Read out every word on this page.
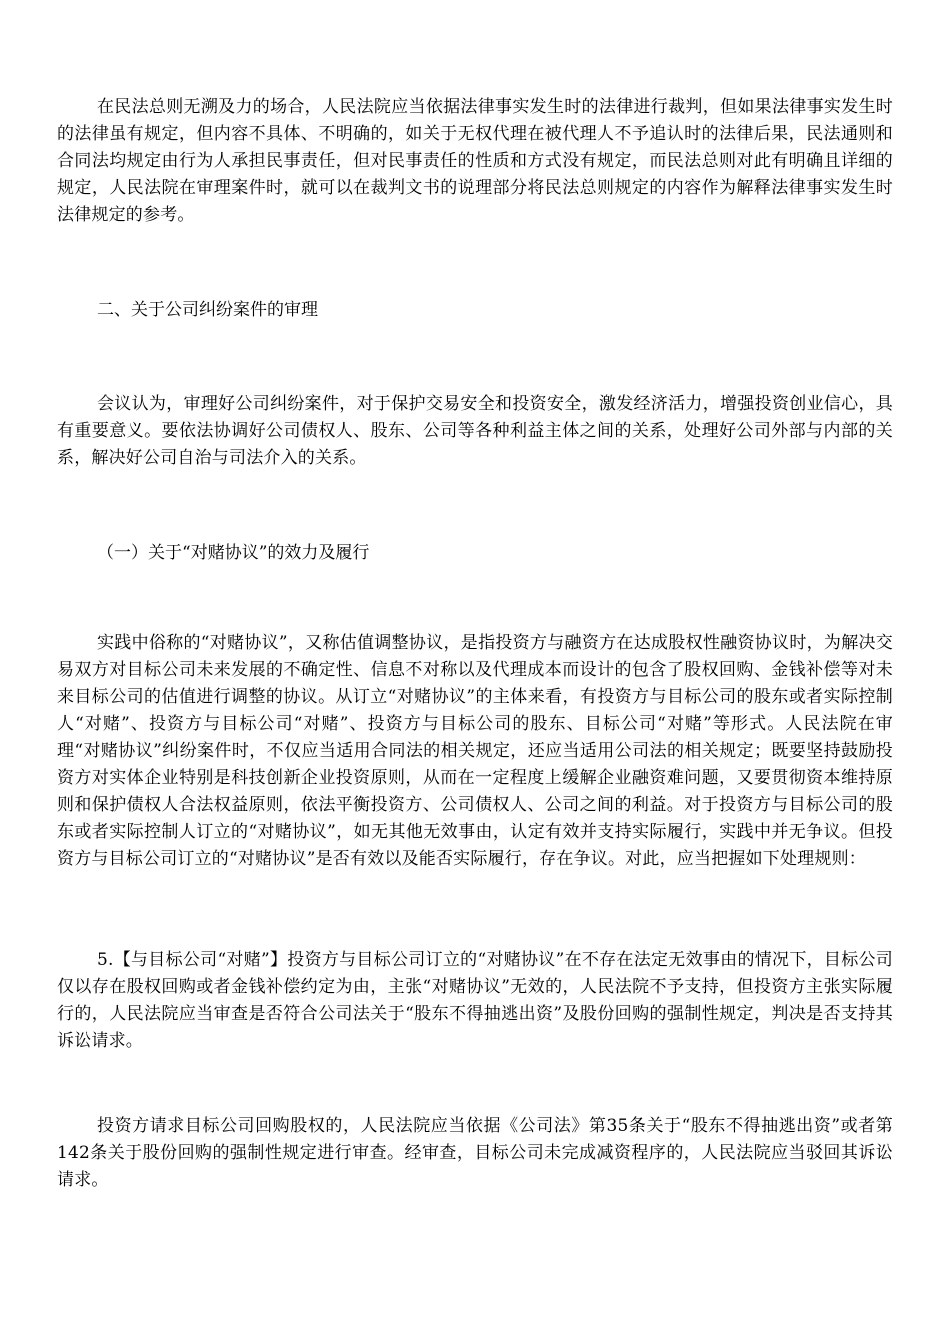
在民法总则无溯及力的场合，人民法院应当依据法律事实发生时的法律进行裁判，但如果法律事实发生时的法律虽有规定，但内容不具体、不明确的，如关于无权代理在被代理人不予追认时的法律后果，民法通则和合同法均规定由行为人承担民事责任，但对民事责任的性质和方式没有规定，而民法总则对此有明确且详细的规定，人民法院在审理案件时，就可以在裁判文书的说理部分将民法总则规定的内容作为解释法律事实发生时法律规定的参考。

二、关于公司纠纷案件的审理

会议认为，审理好公司纠纷案件，对于保护交易安全和投资安全，激发经济活力，增强投资创业信心，具有重要意义。要依法协调好公司债权人、股东、公司等各种利益主体之间的关系，处理好公司外部与内部的关系，解决好公司自治与司法介入的关系。

（一）关于“对赌协议”的效力及履行

实践中俗称的“对赌协议”，又称估值调整协议，是指投资方与融资方在达成股权性融资协议时，为解决交易双方对目标公司未来发展的不确定性、信息不对称以及代理成本而设计的包含了股权回购、金钱补偿等对未来目标公司的估值进行调整的协议。从订立“对赌协议”的主体来看，有投资方与目标公司的股东或者实际控制人“对赌”、投资方与目标公司“对赌”、投资方与目标公司的股东、目标公司“对赌”等形式。人民法院在审理“对赌协议”纠纷案件时，不仅应当适用合同法的相关规定，还应当适用公司法的相关规定；既要坚持鼓励投资方对实体企业特别是科技创新企业投资原则，从而在一定程度上缓解企业融资难问题，又要贯彻资本维持原则和保护债权人合法权益原则，依法平衡投资方、公司债权人、公司之间的利益。对于投资方与目标公司的股东或者实际控制人订立的“对赌协议”，如无其他无效事由，认定有效并支持实际履行，实践中并无争议。但投资方与目标公司订立的“对赌协议”是否有效以及能否实际履行，存在争议。对此，应当把握如下处理规则：

5.【与目标公司“对赌”】投资方与目标公司订立的“对赌协议”在不存在法定无效事由的情况下，目标公司仅以存在股权回购或者金钱补偿约定为由，主张“对赌协议”无效的，人民法院不予支持，但投资方主张实际履行的，人民法院应当审查是否符合公司法关于“股东不得抽逃出资”及股份回购的强制性规定，判决是否支持其诉讼请求。

投资方请求目标公司回购股权的，人民法院应当依据《公司法》第35条关于“股东不得抽逃出资”或者第142条关于股份回购的强制性规定进行审查。经审查，目标公司未完成减资程序的，人民法院应当驳回其诉讼请求。
